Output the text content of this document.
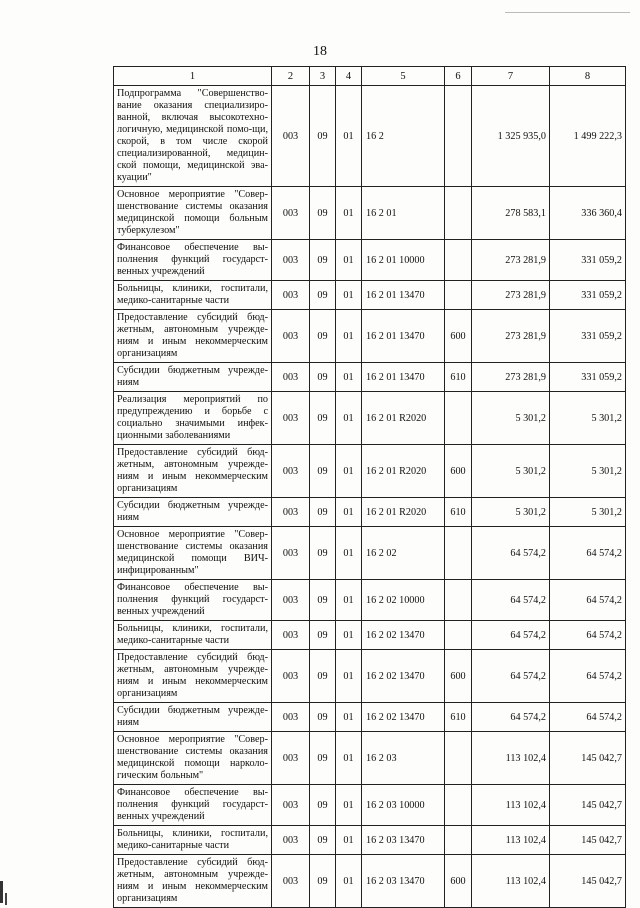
18
1	2	3	4	5	6	7	8
Подпрограмма "Совершенство-вание оказания специализиро-ванной, включая высокотехно-логичную, медицинской помо-щи, скорой, в том числе скорой специализированной, медицин-ской помощи, медицинской эва-куации"	003	09	01	16 2		1 325 935,0	1 499 222,3
Основное мероприятие "Совер-шенствование системы оказания медицинской помощи больным туберкулезом"	003	09	01	16 2 01		278 583,1	336 360,4
Финансовое обеспечение вы-полнения функций государст-венных учреждений	003	09	01	16 2 01 10000		273 281,9	331 059,2
Больницы, клиники, госпитали, медико-санитарные части	003	09	01	16 2 01 13470		273 281,9	331 059,2
Предоставление субсидий бюд-жетным, автономным учрежде-ниям и иным некоммерческим организациям	003	09	01	16 2 01 13470	600	273 281,9	331 059,2
Субсидии бюджетным учрежде-ниям	003	09	01	16 2 01 13470	610	273 281,9	331 059,2
Реализация мероприятий по предупреждению и борьбе с социально значимыми инфек-ционными заболеваниями	003	09	01	16 2 01 R2020		5 301,2	5 301,2
Предоставление субсидий бюд-жетным, автономным учрежде-ниям и иным некоммерческим организациям	003	09	01	16 2 01 R2020	600	5 301,2	5 301,2
Субсидии бюджетным учрежде-ниям	003	09	01	16 2 01 R2020	610	5 301,2	5 301,2
Основное мероприятие "Совер-шенствование системы оказания медицинской помощи ВИЧ-инфицированным"	003	09	01	16 2 02		64 574,2	64 574,2
Финансовое обеспечение вы-полнения функций государст-венных учреждений	003	09	01	16 2 02 10000		64 574,2	64 574,2
Больницы, клиники, госпитали, медико-санитарные части	003	09	01	16 2 02 13470		64 574,2	64 574,2
Предоставление субсидий бюд-жетным, автономным учрежде-ниям и иным некоммерческим организациям	003	09	01	16 2 02 13470	600	64 574,2	64 574,2
Субсидии бюджетным учрежде-ниям	003	09	01	16 2 02 13470	610	64 574,2	64 574,2
Основное мероприятие "Совер-шенствование системы оказания медицинской помощи нарколо-гическим больным"	003	09	01	16 2 03		113 102,4	145 042,7
Финансовое обеспечение вы-полнения функций государст-венных учреждений	003	09	01	16 2 03 10000		113 102,4	145 042,7
Больницы, клиники, госпитали, медико-санитарные части	003	09	01	16 2 03 13470		113 102,4	145 042,7
Предоставление субсидий бюд-жетным, автономным учрежде-ниям и иным некоммерческим организациям	003	09	01	16 2 03 13470	600	113 102,4	145 042,7
